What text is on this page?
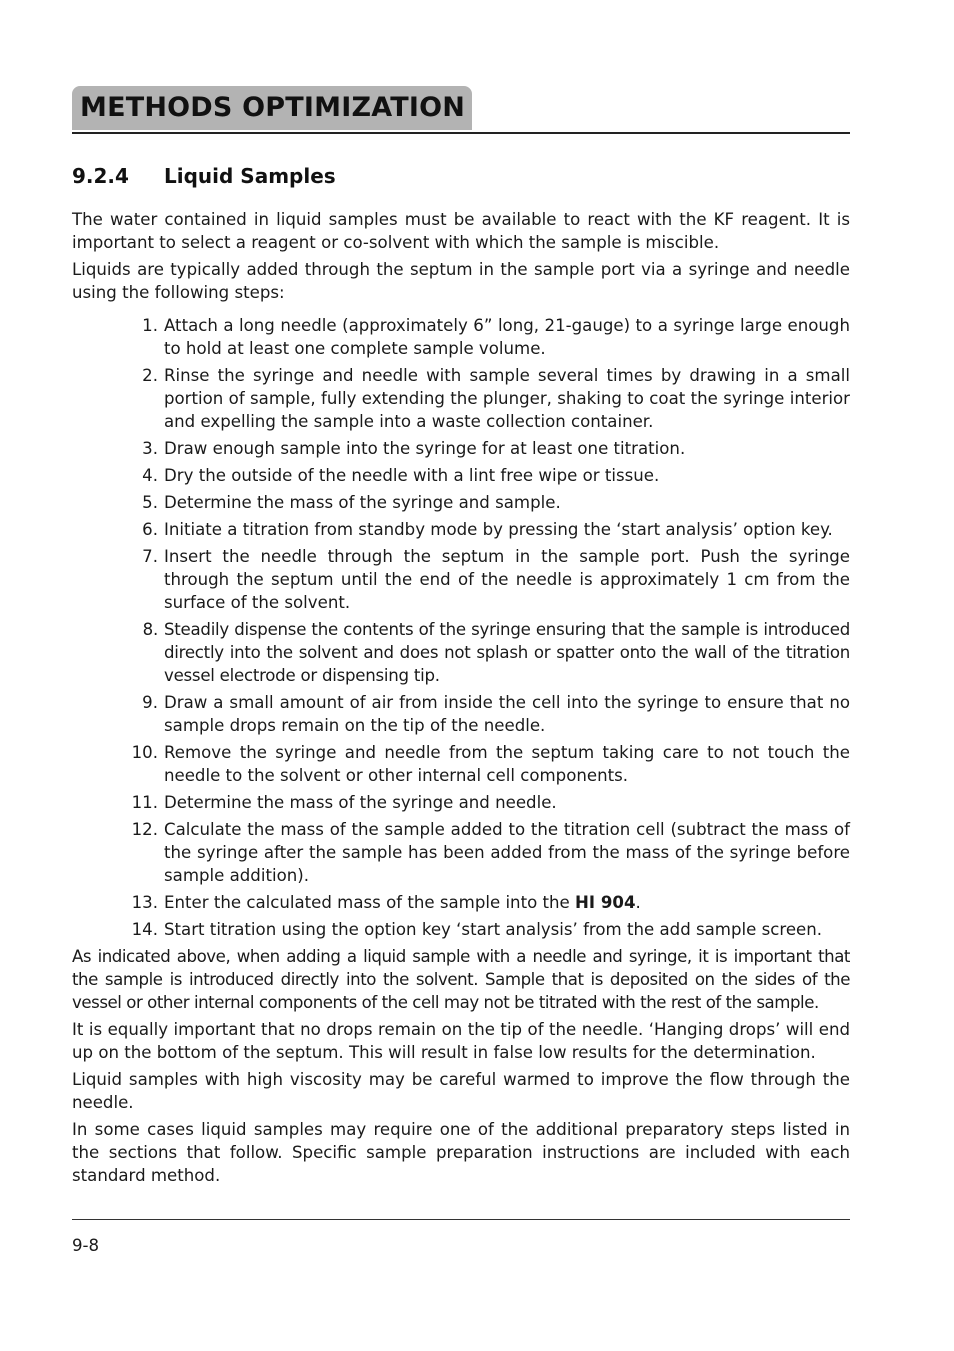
METHODS OPTIMIZATION
9.2.4 Liquid Samples

The water contained in liquid samples must be available to react with the KF reagent. It is important to select a reagent or co-solvent with which the sample is miscible.

Liquids are typically added through the septum in the sample port via a syringe and needle using the following steps:

1. Attach a long needle (approximately 6” long, 21-gauge) to a syringe large enough to hold at least one complete sample volume.
2. Rinse the syringe and needle with sample several times by drawing in a small portion of sample, fully extending the plunger, shaking to coat the syringe interior and expelling the sample into a waste collection container.
3. Draw enough sample into the syringe for at least one titration.
4. Dry the outside of the needle with a lint free wipe or tissue.
5. Determine the mass of the syringe and sample.
6. Initiate a titration from standby mode by pressing the ‘start analysis’ option key.
7. Insert the needle through the septum in the sample port. Push the syringe through the septum until the end of the needle is approximately 1 cm from the surface of the solvent.
8. Steadily dispense the contents of the syringe ensuring that the sample is introduced directly into the solvent and does not splash or spatter onto the wall of the titration vessel electrode or dispensing tip.
9. Draw a small amount of air from inside the cell into the syringe to ensure that no sample drops remain on the tip of the needle.
10. Remove the syringe and needle from the septum taking care to not touch the needle to the solvent or other internal cell components.
11. Determine the mass of the syringe and needle.
12. Calculate the mass of the sample added to the titration cell (subtract the mass of the syringe after the sample has been added from the mass of the syringe before sample addition).
13. Enter the calculated mass of the sample into the HI 904.
14. Start titration using the option key ‘start analysis’ from the add sample screen.

As indicated above, when adding a liquid sample with a needle and syringe, it is important that the sample is introduced directly into the solvent. Sample that is deposited on the sides of the vessel or other internal components of the cell may not be titrated with the rest of the sample.

It is equally important that no drops remain on the tip of the needle. ‘Hanging drops’ will end up on the bottom of the septum. This will result in false low results for the determination.

Liquid samples with high viscosity may be careful warmed to improve the flow through the needle.

In some cases liquid samples may require one of the additional preparatory steps listed in the sections that follow. Specific sample preparation instructions are included with each standard method.

9-8
